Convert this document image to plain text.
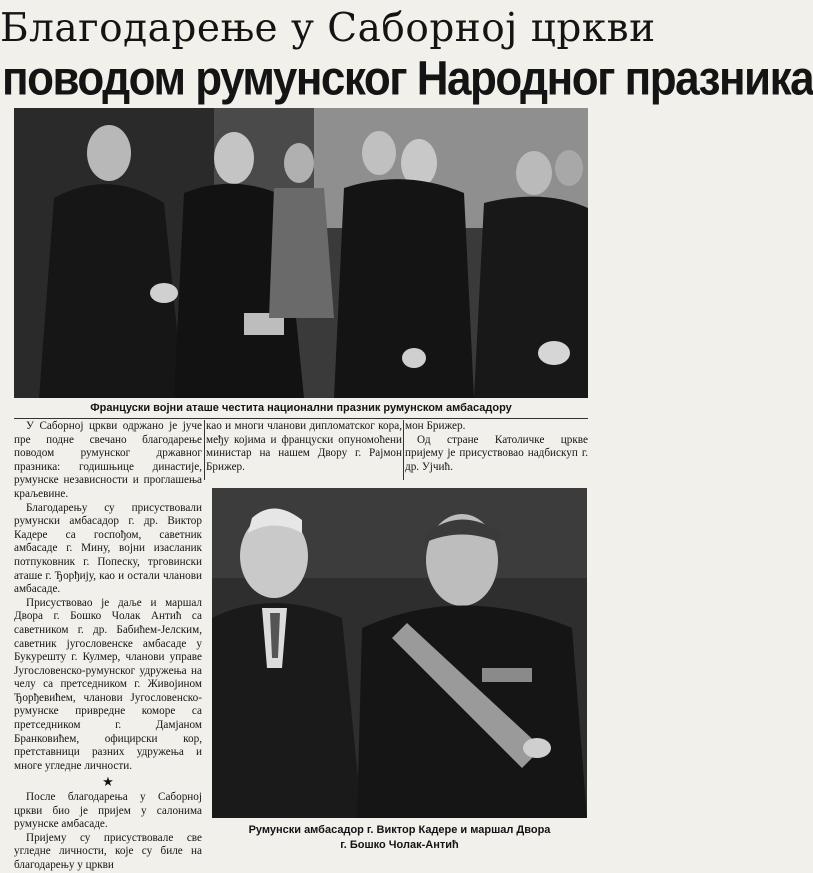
Благодарење у Саборној цркви
поводом румунског Народног празника
Француски војни аташе честита национални празник румунском амбасадору

У Саборној цркви одржано је јуче пре подне свечано благодарење поводом румунског државног празника: годишњице династије, румунске независности и проглашења краљевине.

Благодарењу су присуствовали румунски амбасадор г. др. Виктор Кадере са госпођом, саветник амбасаде г. Мину, војни изасланик потпуковник г. Попеску, трговински аташе г. Ђорђију, као и остали чланови амбасаде.

Присуствовао је даље и маршал Двора г. Бошко Чолак Антић са саветником г. др. Бабићем-Јелским, саветник југословенске амбасаде у Букурешту г. Кулмер, чланови управе Југословенско-румунског удружења на челу са претседником г. Живојином Ђорђевићем, чланови Југословенско-румунске привредне коморе са претседником г. Дамјаном Бранковићем, официрски кор, претставници разних удружења и многе угледне личности.

★

После благодарења у Саборној цркви био је пријем у салонима румунске амбасаде.

Пријему су присуствовале све угледне личности, које су биле на благодарењу у цркви

као и многи чланови дипломатског кора, међу којима и француски опуномоћени министар на нашем Двору г. Рајмон Брижер.

мон Брижер.

Од стране Католичке цркве пријему је присуствовао надбискуп г. др. Ујчић.

Румунски амбасадор г. Виктор Кадере и маршал Двора
г. Бошко Чолак-Антић
